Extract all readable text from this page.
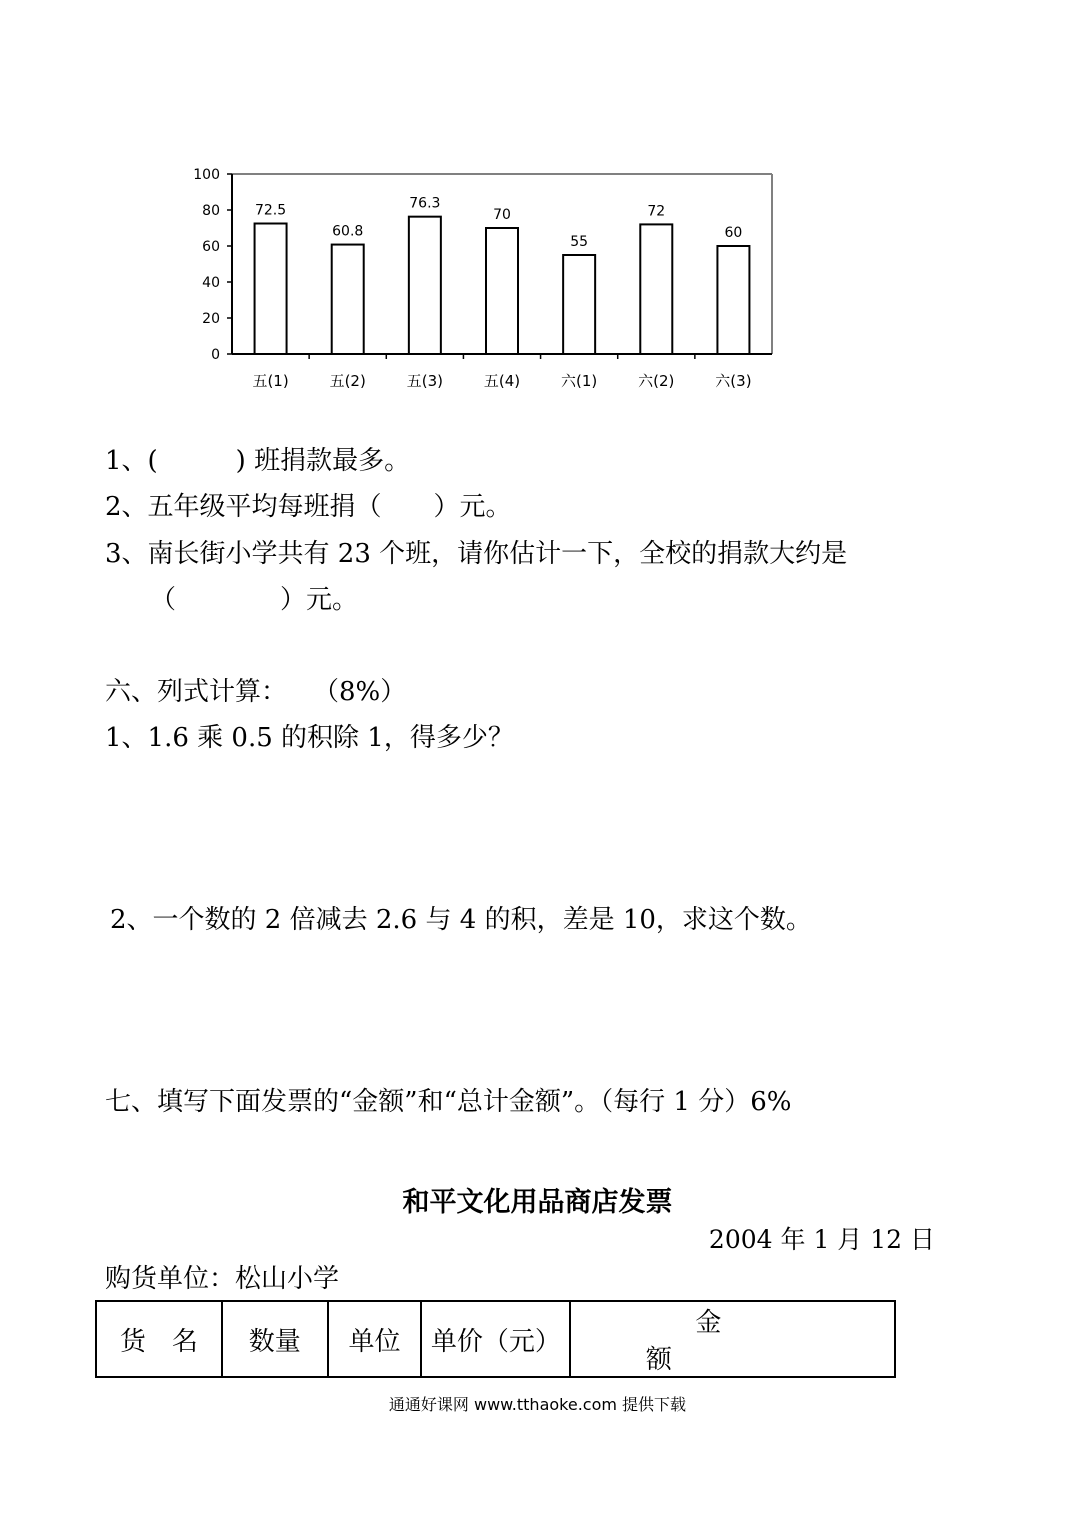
0
20
40
60
80
100
72.5
五(1)
60.8
五(2)
76.3
五(3)
70
五(4)
55
六(1)
72
六(2)
60
六(3)
1、(　　　) 班捐款最多。
2、五年级平均每班捐（　　）元。
3、南长街小学共有 23 个班，请你估计一下，全校的捐款大约是
（　　　　）元。
六、列式计算：　　（8%）
1、1.6 乘 0.5 的积除 1，得多少？
2、一个数的 2 倍减去 2.6 与 4 的积，差是 10，求这个数。
七、填写下面发票的“金额”和“总计金额”。（每行 1 分）6%
和平文化用品商店发票
2004 年 1 月 12 日
购货单位：松山小学
货　名	数量	单位	单价（元）	金额
通通好课网 www.tthaoke.com 提供下载
